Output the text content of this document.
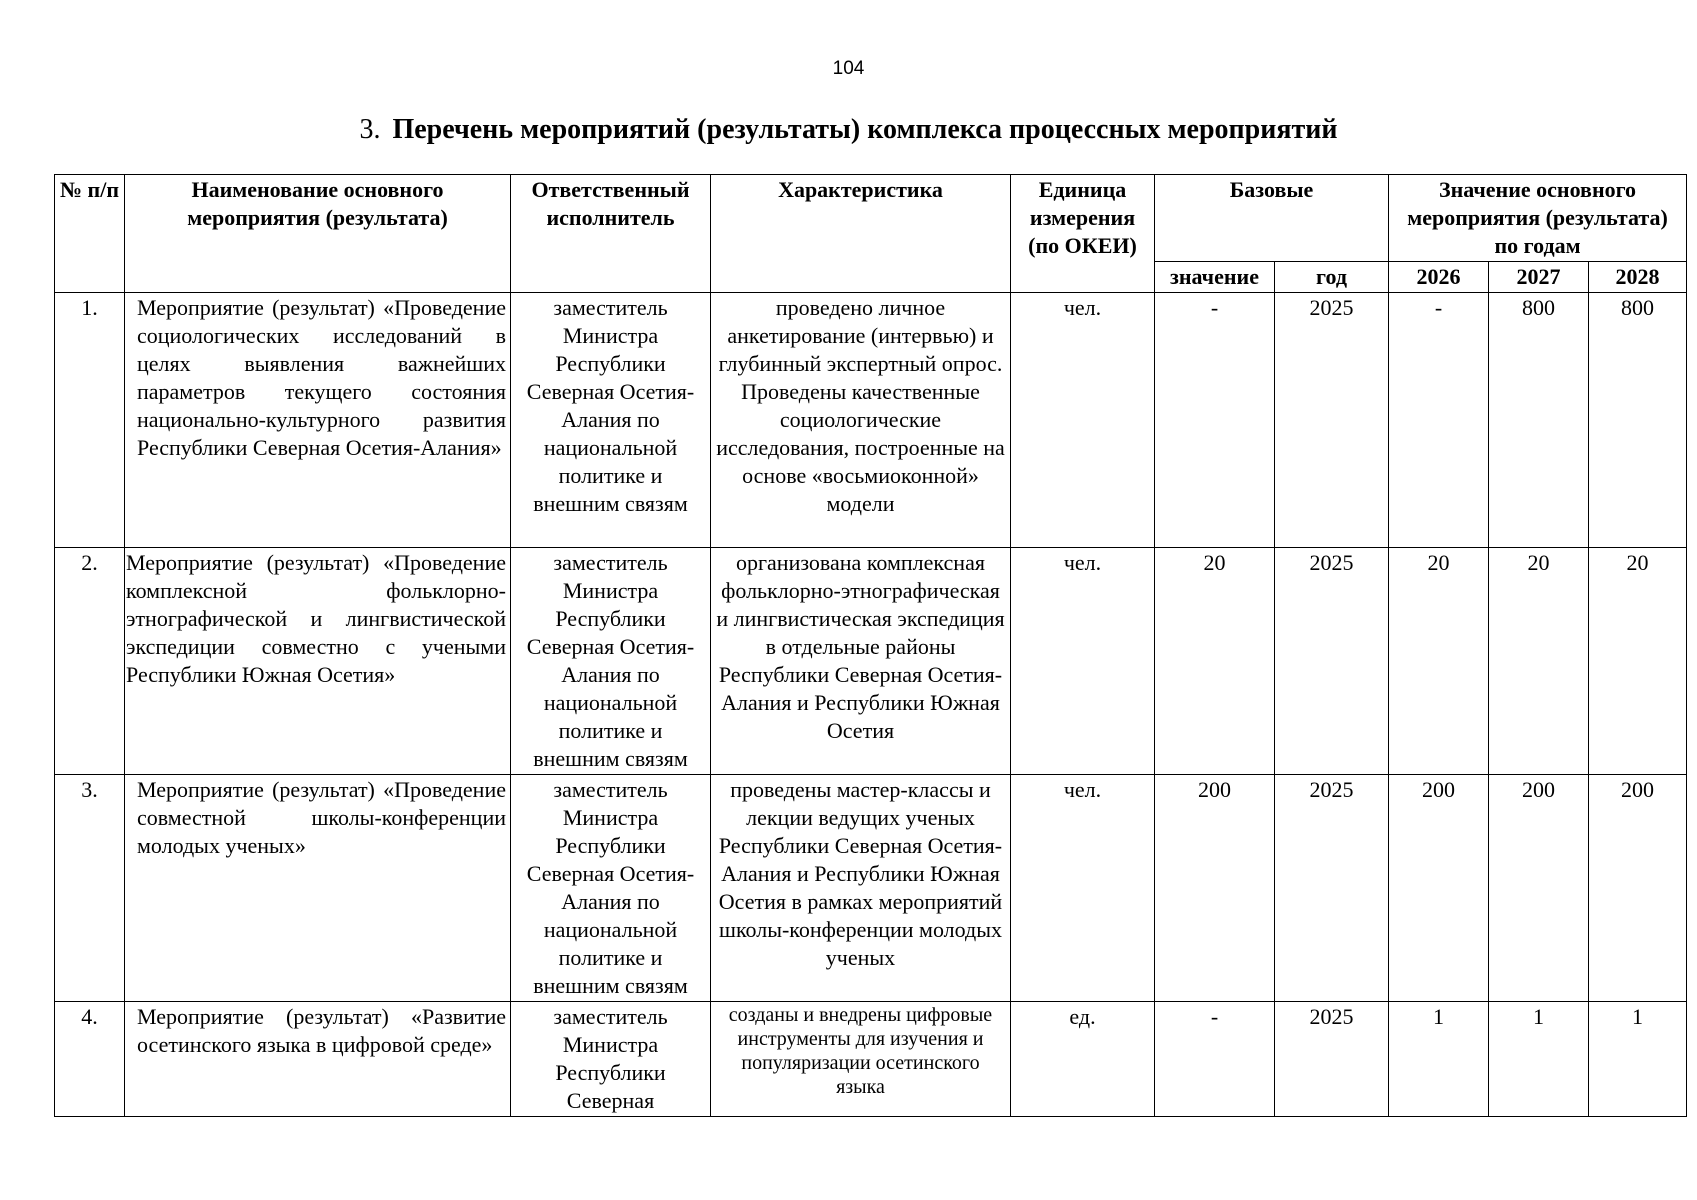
104
3. Перечень мероприятий (результаты) комплекса процессных мероприятий
№ п/п	Наименование основного мероприятия (результата)	Ответственный исполнитель	Характеристика	Единица измерения (по ОКЕИ)	Базовые		Значение основного мероприятия (результата) по годам		
					значение	год	2026	2027	2028
1.	Мероприятие (результат) «Проведение социологических исследований в целях выявления важнейших параметров текущего состояния национально-культурного развития Республики Северная Осетия-Алания»	заместитель Министра Республики Северная Осетия-Алания по национальной политике и внешним связям	проведено личное анкетирование (интервью) и глубинный экспертный опрос. Проведены качественные социологические исследования, построенные на основе «восьмиоконной» модели	чел.	-	2025	-	800	800
2.	Мероприятие (результат) «Проведение комплексной фольклорно-этнографической и лингвистической экспедиции совместно с учеными Республики Южная Осетия»	заместитель Министра Республики Северная Осетия-Алания по национальной политике и внешним связям	организована комплексная фольклорно-этнографическая и лингвистическая экспедиция в отдельные районы Республики Северная Осетия-Алания и Республики Южная Осетия	чел.	20	2025	20	20	20
3.	Мероприятие (результат) «Проведение совместной школы-конференции молодых ученых»	заместитель Министра Республики Северная Осетия-Алания по национальной политике и внешним связям	проведены мастер-классы и лекции ведущих ученых Республики Северная Осетия-Алания и Республики Южная Осетия в рамках мероприятий школы-конференции молодых ученых	чел.	200	2025	200	200	200
4.	Мероприятие (результат) «Развитие осетинского языка в цифровой среде»	заместитель Министра Республики Северная	созданы и внедрены цифровые инструменты для изучения и популяризации осетинского языка	ед.	-	2025	1	1	1
